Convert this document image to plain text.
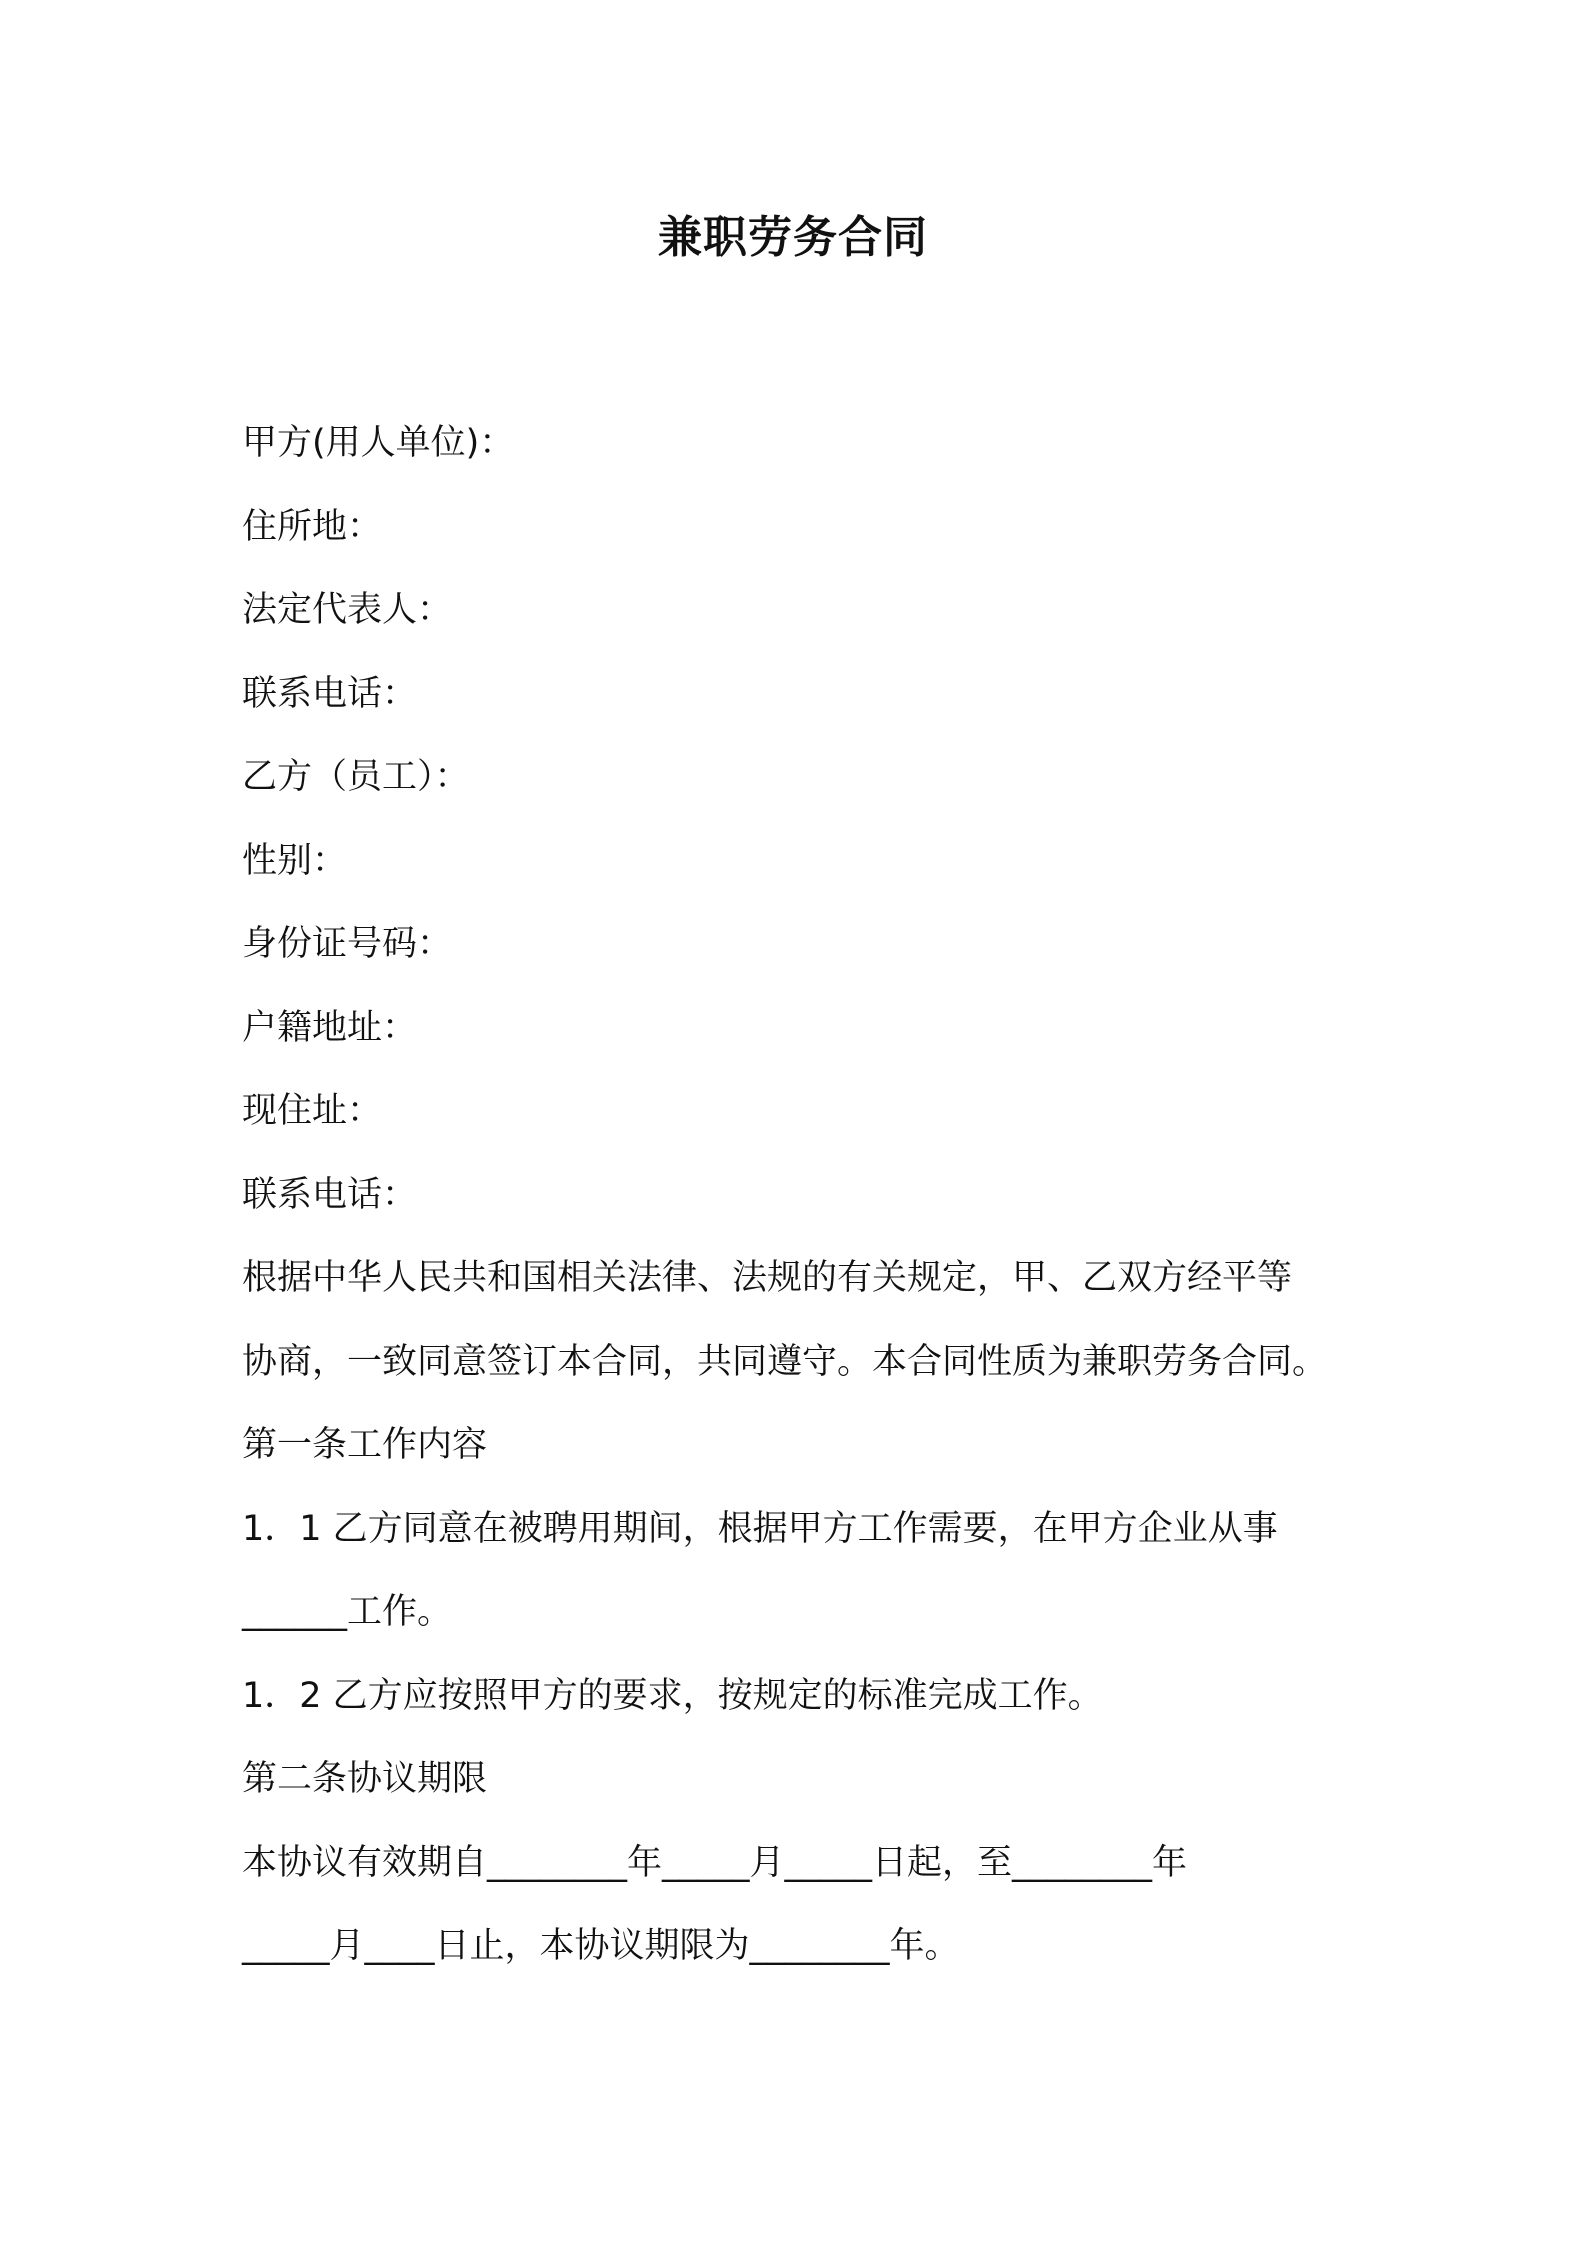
兼职劳务合同
甲方(用人单位)：
住所地：
法定代表人：
联系电话：
乙方（员工）：
性别：
身份证号码：
户籍地址：
现住址：
联系电话：
根据中华人民共和国相关法律、法规的有关规定，甲、乙双方经平等
协商，一致同意签订本合同，共同遵守。本合同性质为兼职劳务合同。
第一条工作内容
1．1 乙方同意在被聘用期间，根据甲方工作需要，在甲方企业从事
______工作。
1．2 乙方应按照甲方的要求，按规定的标准完成工作。
第二条协议期限
本协议有效期自________年_____月_____日起，至________年
_____月____日止，本协议期限为________年。
